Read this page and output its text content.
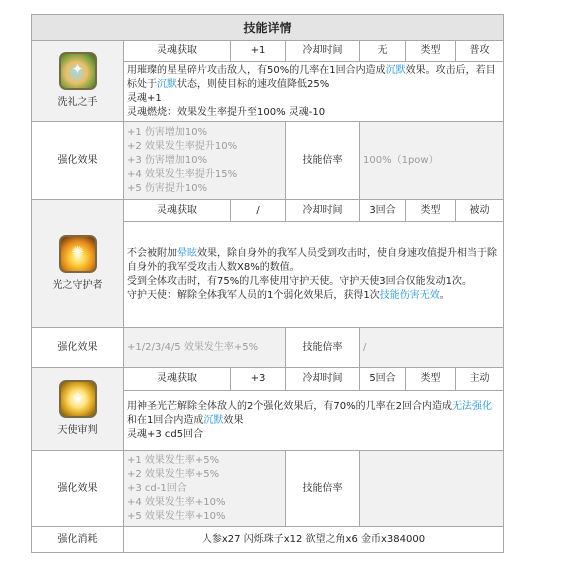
技能详情						

✦
洗礼之手	灵魂获取	+1	冷却时间	无	类型	普攻
	用璀璨的星星碎片攻击敌人，有50%的几率在1回合内造成沉默效果。攻击后，若目标处于沉默状态，则使目标的速攻值降低25%
灵魂+1
灵魂燃烧：效果发生率提升至100% 灵魂-10					
强化效果	+1 伤害增加10%
+2 效果发生率提升10%
+3 伤害增加10%
+4 效果发生率提升15%
+5 伤害提升10%		技能倍率	100%（1pow）		

✺
光之守护者	灵魂获取	/	冷却时间	3回合	类型	被动
	不会被附加晕眩效果，除自身外的我军人员受到攻击时，使自身速攻值提升相当于除自身外的我军受攻击人数X8%的数值。
受到全体攻击时，有75%的几率使用守护天使。守护天使3回合仅能发动1次。
守护天使：解除全体我军人员的1个弱化效果后，获得1次技能伤害无效。					
强化效果	+1/2/3/4/5 效果发生率+5%		技能倍率	/		

✧
天使审判	灵魂获取	+3	冷却时间	5回合	类型	主动
	用神圣光芒解除全体敌人的2个强化效果后，有70%的几率在2回合内造成无法强化和在1回合内造成沉默效果
灵魂+3 cd5回合					
强化效果	+1 效果发生率+5%
+2 效果发生率+5%
+3 cd-1回合
+4 效果发生率+10%
+5 效果发生率+10%		技能倍率			
强化消耗	人参x27 闪烁珠子x12 欲望之角x6 金币x384000					
